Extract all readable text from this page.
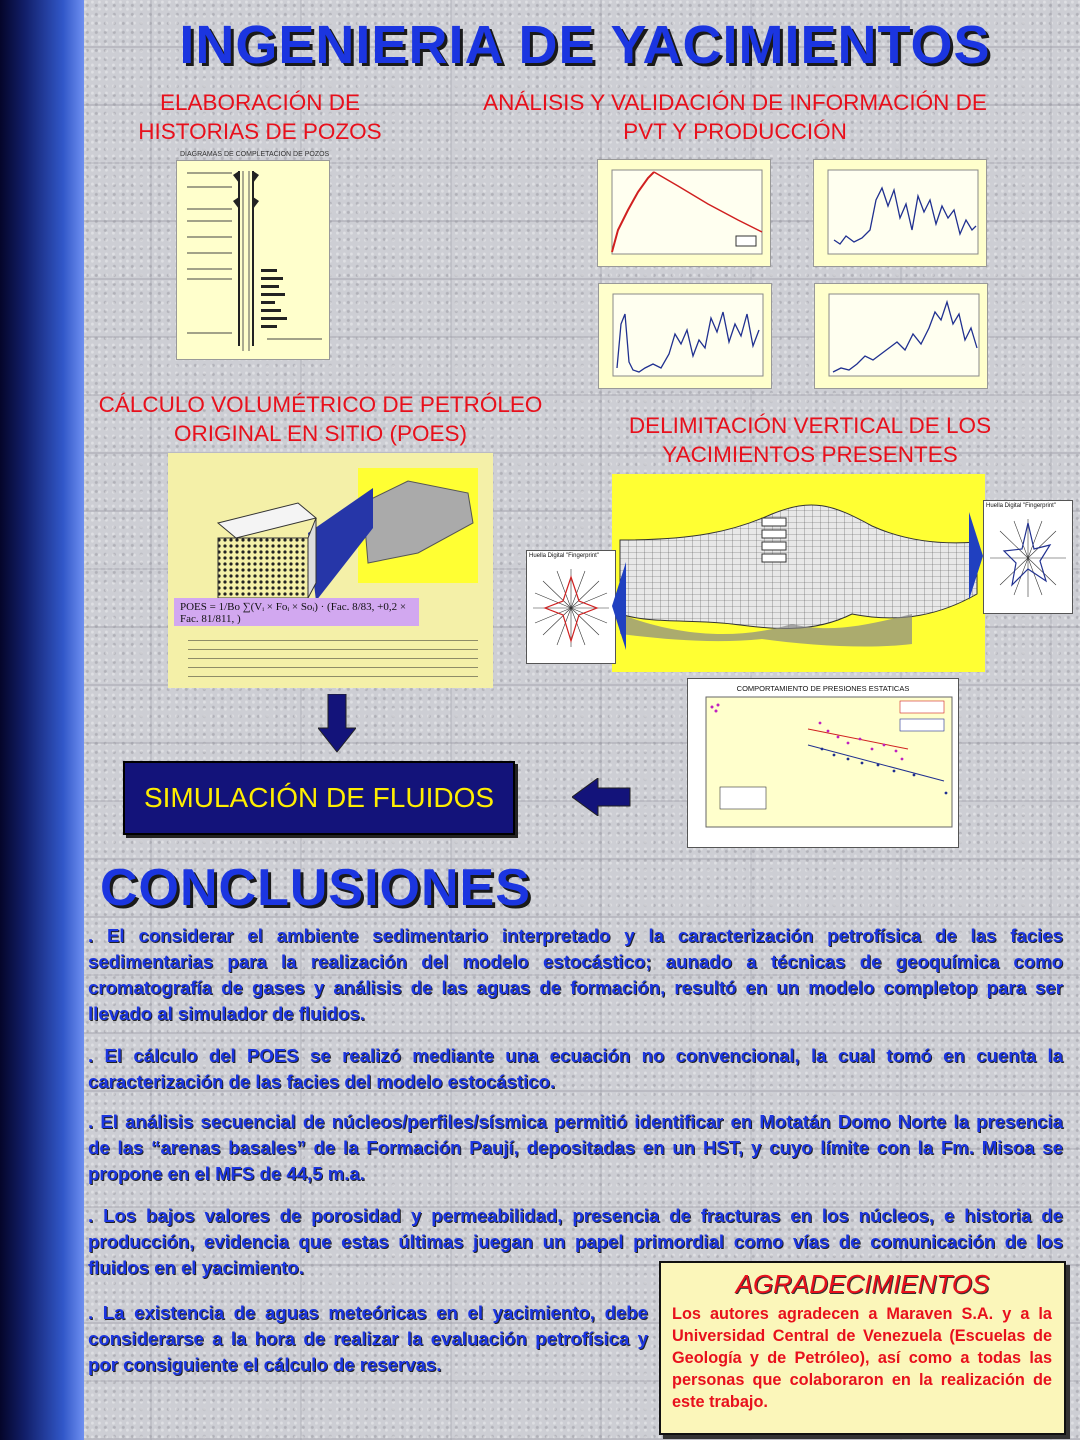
INGENIERIA DE YACIMIENTOS
ELABORACIÓN DE HISTORIAS DE POZOS
ANÁLISIS Y VALIDACIÓN DE INFORMACIÓN DE PVT Y PRODUCCIÓN
DIAGRAMAS DE COMPLETACION DE POZOS
CÁLCULO VOLUMÉTRICO DE PETRÓLEO ORIGINAL EN SITIO (POES)	DELIMITACIÓN VERTICAL DE LOS YACIMIENTOS PRESENTES
POES = 1/Bo ∑(Vᵢ × Foᵢ × Soᵢ) · (Fac. 8/83, +0,2 × Fac. 81/811, )
Huella Digital "Fingerprint"
Huella Digital "Fingerprint"
COMPORTAMIENTO DE PRESIONES ESTATICAS
SIMULACIÓN DE FLUIDOS
CONCLUSIONES

. El considerar el ambiente sedimentario interpretado y la caracterización petrofísica de las facies sedimentarias para la realización del modelo estocástico; aunado a técnicas de geoquímica como cromatografía de gases y análisis de las aguas de formación, resultó en un modelo completop para ser llevado al simulador de fluidos.

. El cálculo del POES se realizó mediante una ecuación no convencional, la cual tomó en cuenta la caracterización de las facies del modelo estocástico.

. El análisis secuencial de núcleos/perfiles/sísmica permitió identificar en Motatán Domo Norte la presencia de las “arenas basales” de la Formación Paují, depositadas en un HST, y cuyo límite con la Fm. Misoa se propone en el MFS de 44,5 m.a.

. Los bajos valores de porosidad y permeabilidad, presencia de fracturas en los núcleos, e historia de producción, evidencia que estas últimas juegan un papel primordial como vías de comunicación de los fluidos en el yacimiento.

. La existencia de aguas meteóricas en el yacimiento, debe considerarse a la hora de realizar la evaluación petrofísica y por consiguiente el cálculo de reservas.

AGRADECIMIENTOS

Los autores agradecen a Maraven S.A. y a la Universidad Central de Venezuela (Escuelas de Geología y de Petróleo), así como a todas las personas que colaboraron en la realización de este trabajo.
